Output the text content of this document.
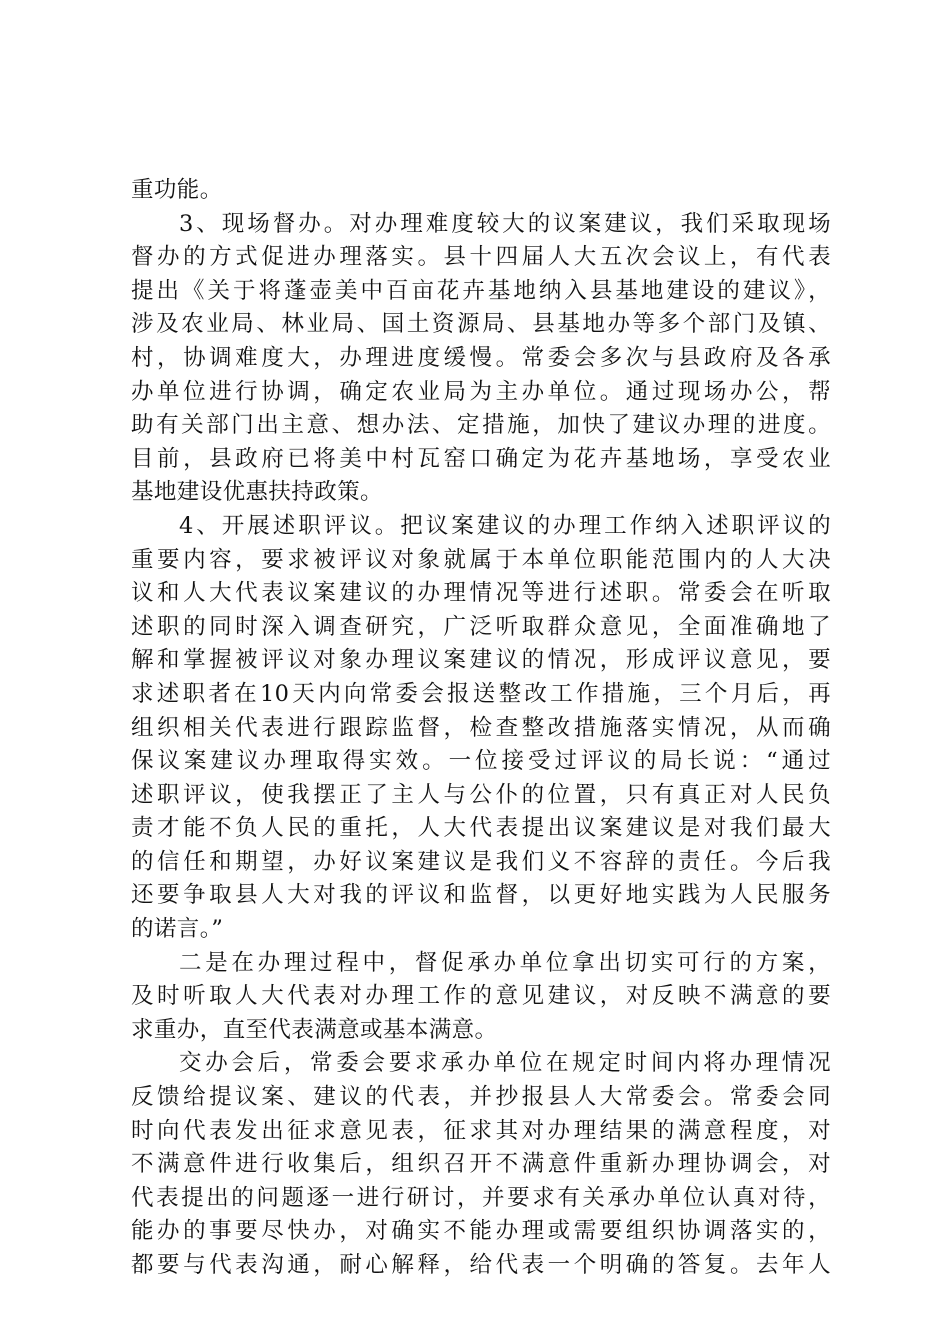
重功能。
3、现场督办。对办理难度较大的议案建议，我们采取现场
督办的方式促进办理落实。县十四届人大五次会议上，有代表
提出《关于将蓬壶美中百亩花卉基地纳入县基地建设的建议》，
涉及农业局、林业局、国土资源局、县基地办等多个部门及镇、
村，协调难度大，办理进度缓慢。常委会多次与县政府及各承
办单位进行协调，确定农业局为主办单位。通过现场办公，帮
助有关部门出主意、想办法、定措施，加快了建议办理的进度。
目前，县政府已将美中村瓦窑口确定为花卉基地场，享受农业
基地建设优惠扶持政策。
4、开展述职评议。把议案建议的办理工作纳入述职评议的
重要内容，要求被评议对象就属于本单位职能范围内的人大决
议和人大代表议案建议的办理情况等进行述职。常委会在听取
述职的同时深入调查研究，广泛听取群众意见，全面准确地了
解和掌握被评议对象办理议案建议的情况，形成评议意见，要
求述职者在10天内向常委会报送整改工作措施，三个月后，再
组织相关代表进行跟踪监督，检查整改措施落实情况，从而确
保议案建议办理取得实效。一位接受过评议的局长说：“通过
述职评议，使我摆正了主人与公仆的位置，只有真正对人民负
责才能不负人民的重托，人大代表提出议案建议是对我们最大
的信任和期望，办好议案建议是我们义不容辞的责任。今后我
还要争取县人大对我的评议和监督，以更好地实践为人民服务
的诺言。”
二是在办理过程中，督促承办单位拿出切实可行的方案，
及时听取人大代表对办理工作的意见建议，对反映不满意的要
求重办，直至代表满意或基本满意。
交办会后，常委会要求承办单位在规定时间内将办理情况
反馈给提议案、建议的代表，并抄报县人大常委会。常委会同
时向代表发出征求意见表，征求其对办理结果的满意程度，对
不满意件进行收集后，组织召开不满意件重新办理协调会，对
代表提出的问题逐一进行研讨，并要求有关承办单位认真对待，
能办的事要尽快办，对确实不能办理或需要组织协调落实的，
都要与代表沟通，耐心解释，给代表一个明确的答复。去年人
